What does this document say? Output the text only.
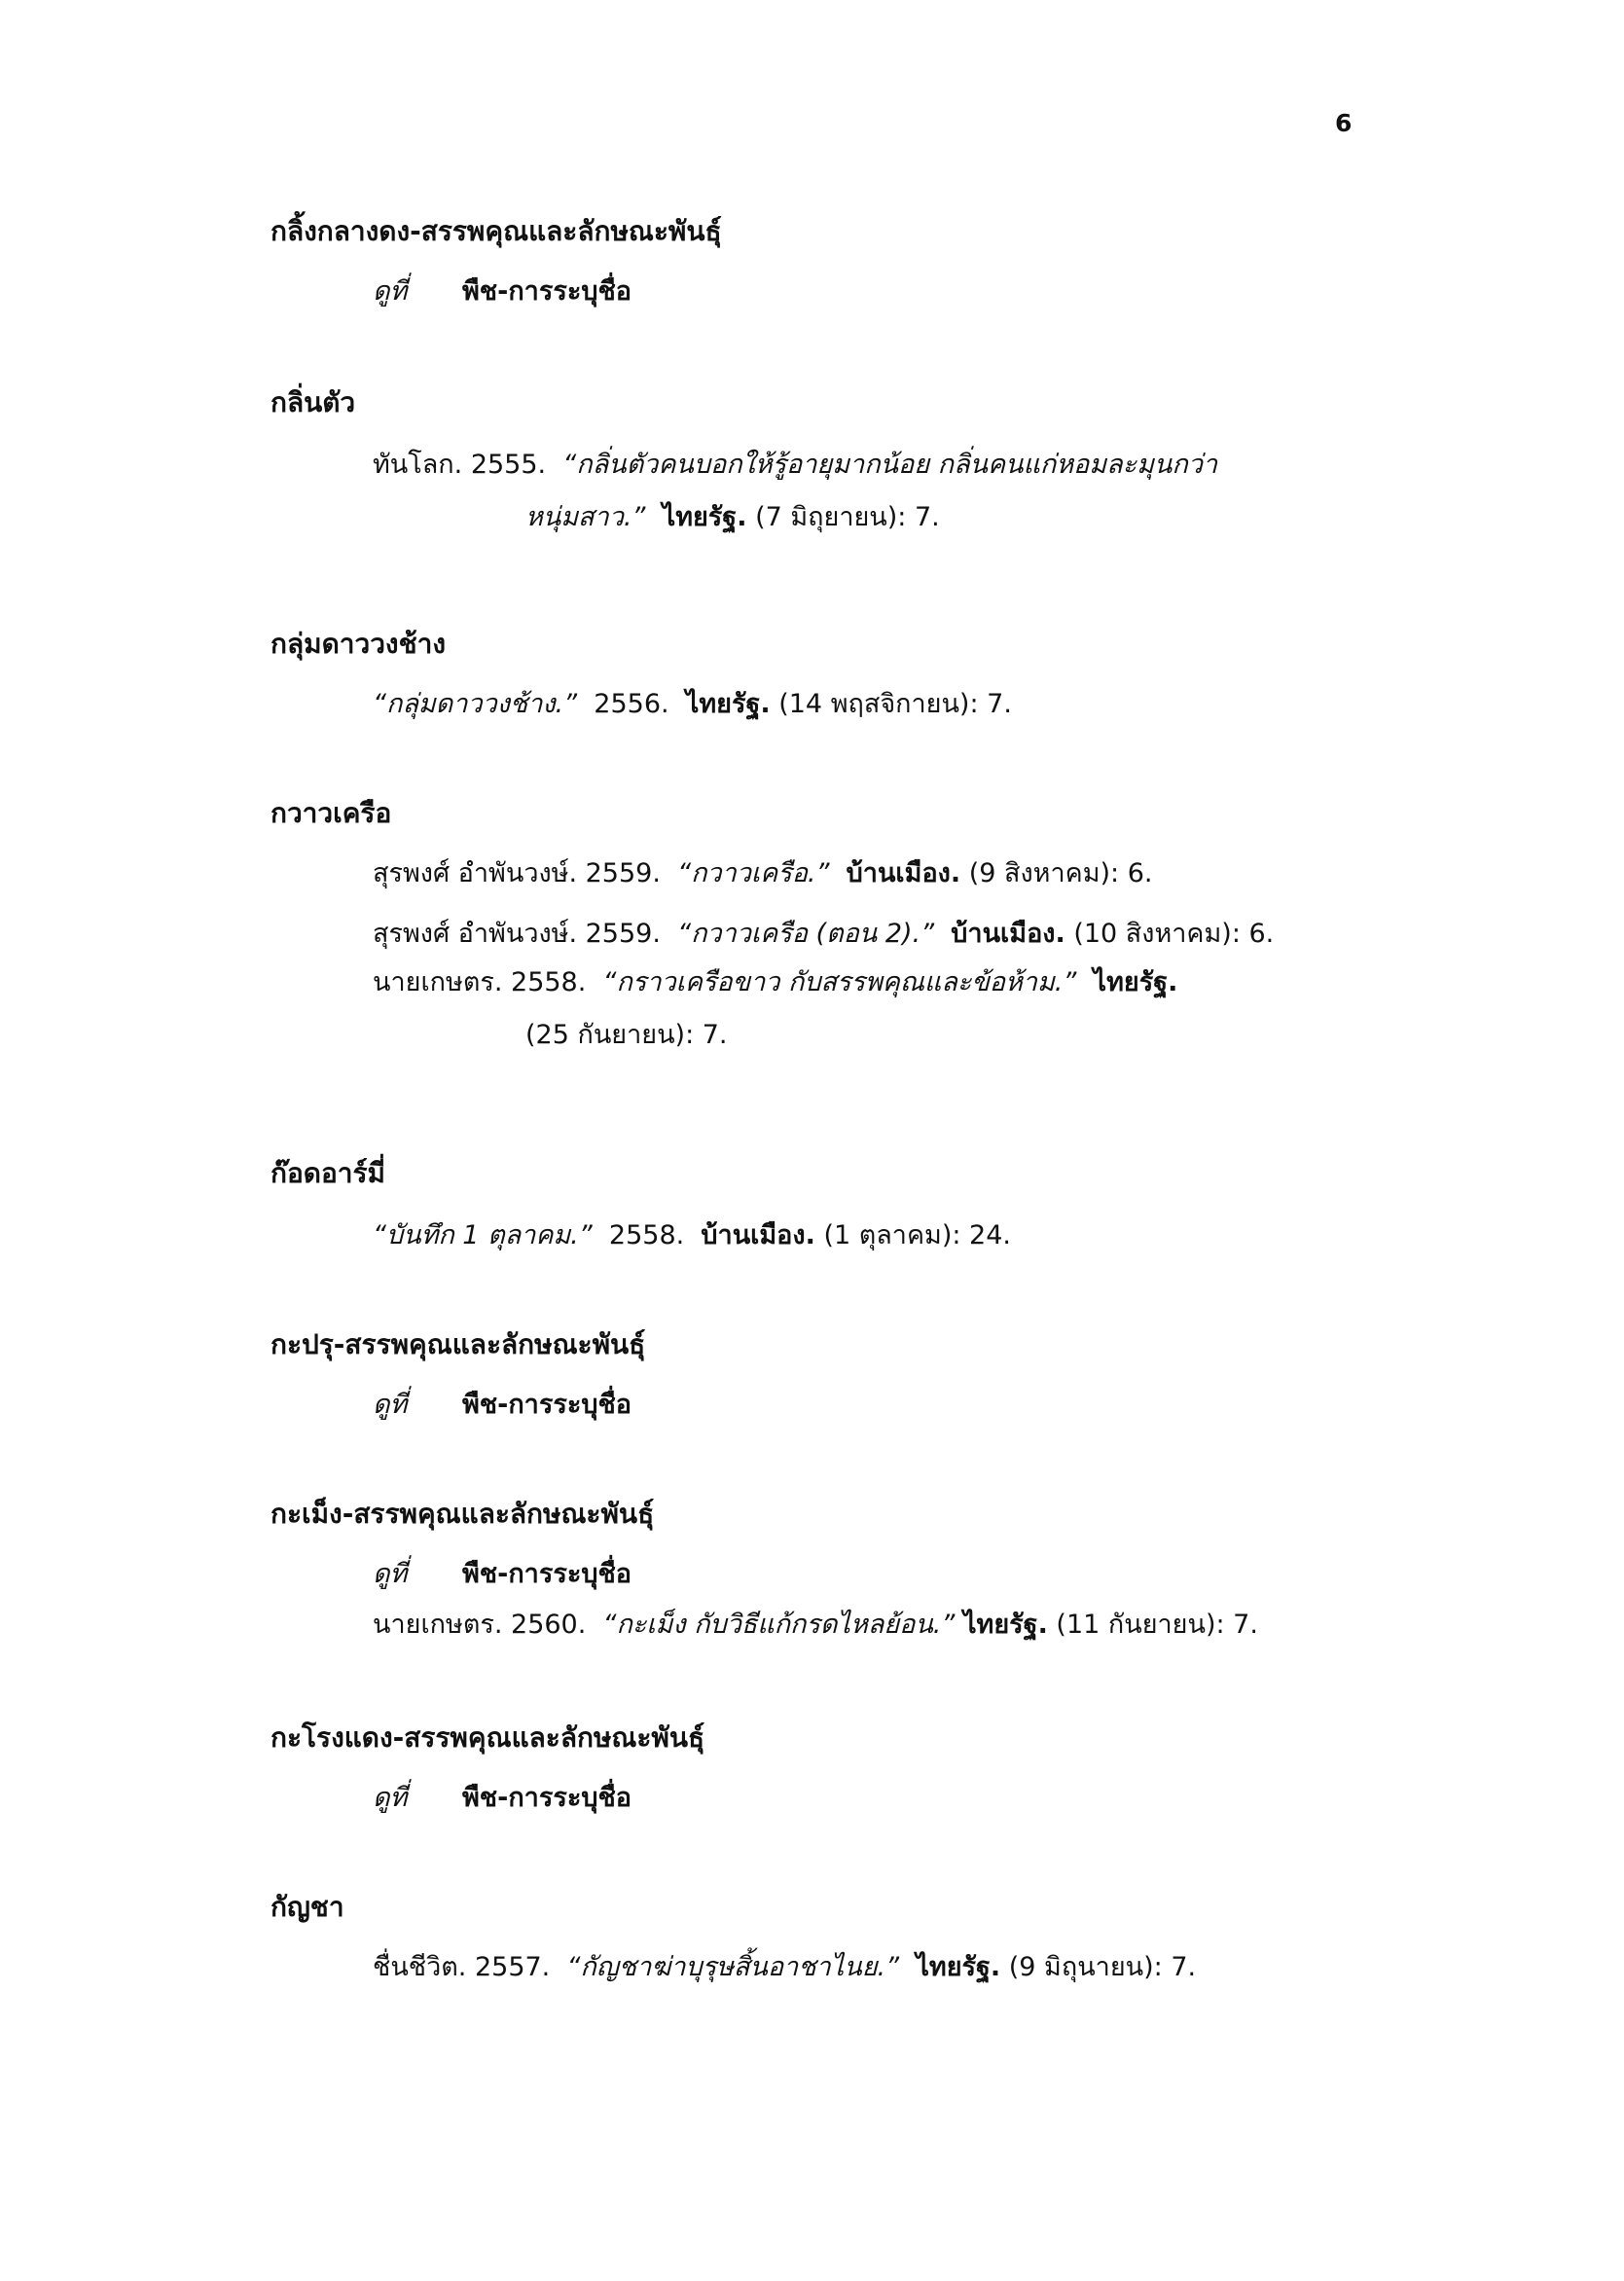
6
กลิ้งกลางดง-สรรพคุณและลักษณะพันธุ์
ดูที่ พืช-การระบุชื่อ
กลิ่นตัว
ทันโลก. 2555. “กลิ่นตัวคนบอกให้รู้อายุมากน้อย กลิ่นคนแก่หอมละมุนกว่า
หนุ่มสาว.” ไทยรัฐ. (7 มิถุยายน): 7.
กลุ่มดาววงช้าง
“กลุ่มดาววงช้าง.” 2556. ไทยรัฐ. (14 พฤสจิกายน): 7.
กวาวเครือ
สุรพงศ์ อำพันวงษ์. 2559. “กวาวเครือ.” บ้านเมือง. (9 สิงหาคม): 6.
สุรพงศ์ อำพันวงษ์. 2559. “กวาวเครือ (ตอน 2).” บ้านเมือง. (10 สิงหาคม): 6.
นายเกษตร. 2558. “กราวเครือขาว กับสรรพคุณและข้อห้าม.” ไทยรัฐ.
(25 กันยายน): 7.
ก๊อดอาร์มี่
“บันทึก 1 ตุลาคม.” 2558. บ้านเมือง. (1 ตุลาคม): 24.
กะปรุ-สรรพคุณและลักษณะพันธุ์
ดูที่ พืช-การระบุชื่อ
กะเม็ง-สรรพคุณและลักษณะพันธุ์
ดูที่ พืช-การระบุชื่อ
นายเกษตร. 2560. “กะเม็ง กับวิธีแก้กรดไหลย้อน.” ไทยรัฐ. (11 กันยายน): 7.
กะโรงแดง-สรรพคุณและลักษณะพันธุ์
ดูที่ พืช-การระบุชื่อ
กัญชา
ชื่นชีวิต. 2557. “กัญชาฆ่าบุรุษสิ้นอาชาไนย.” ไทยรัฐ. (9 มิถุนายน): 7.
